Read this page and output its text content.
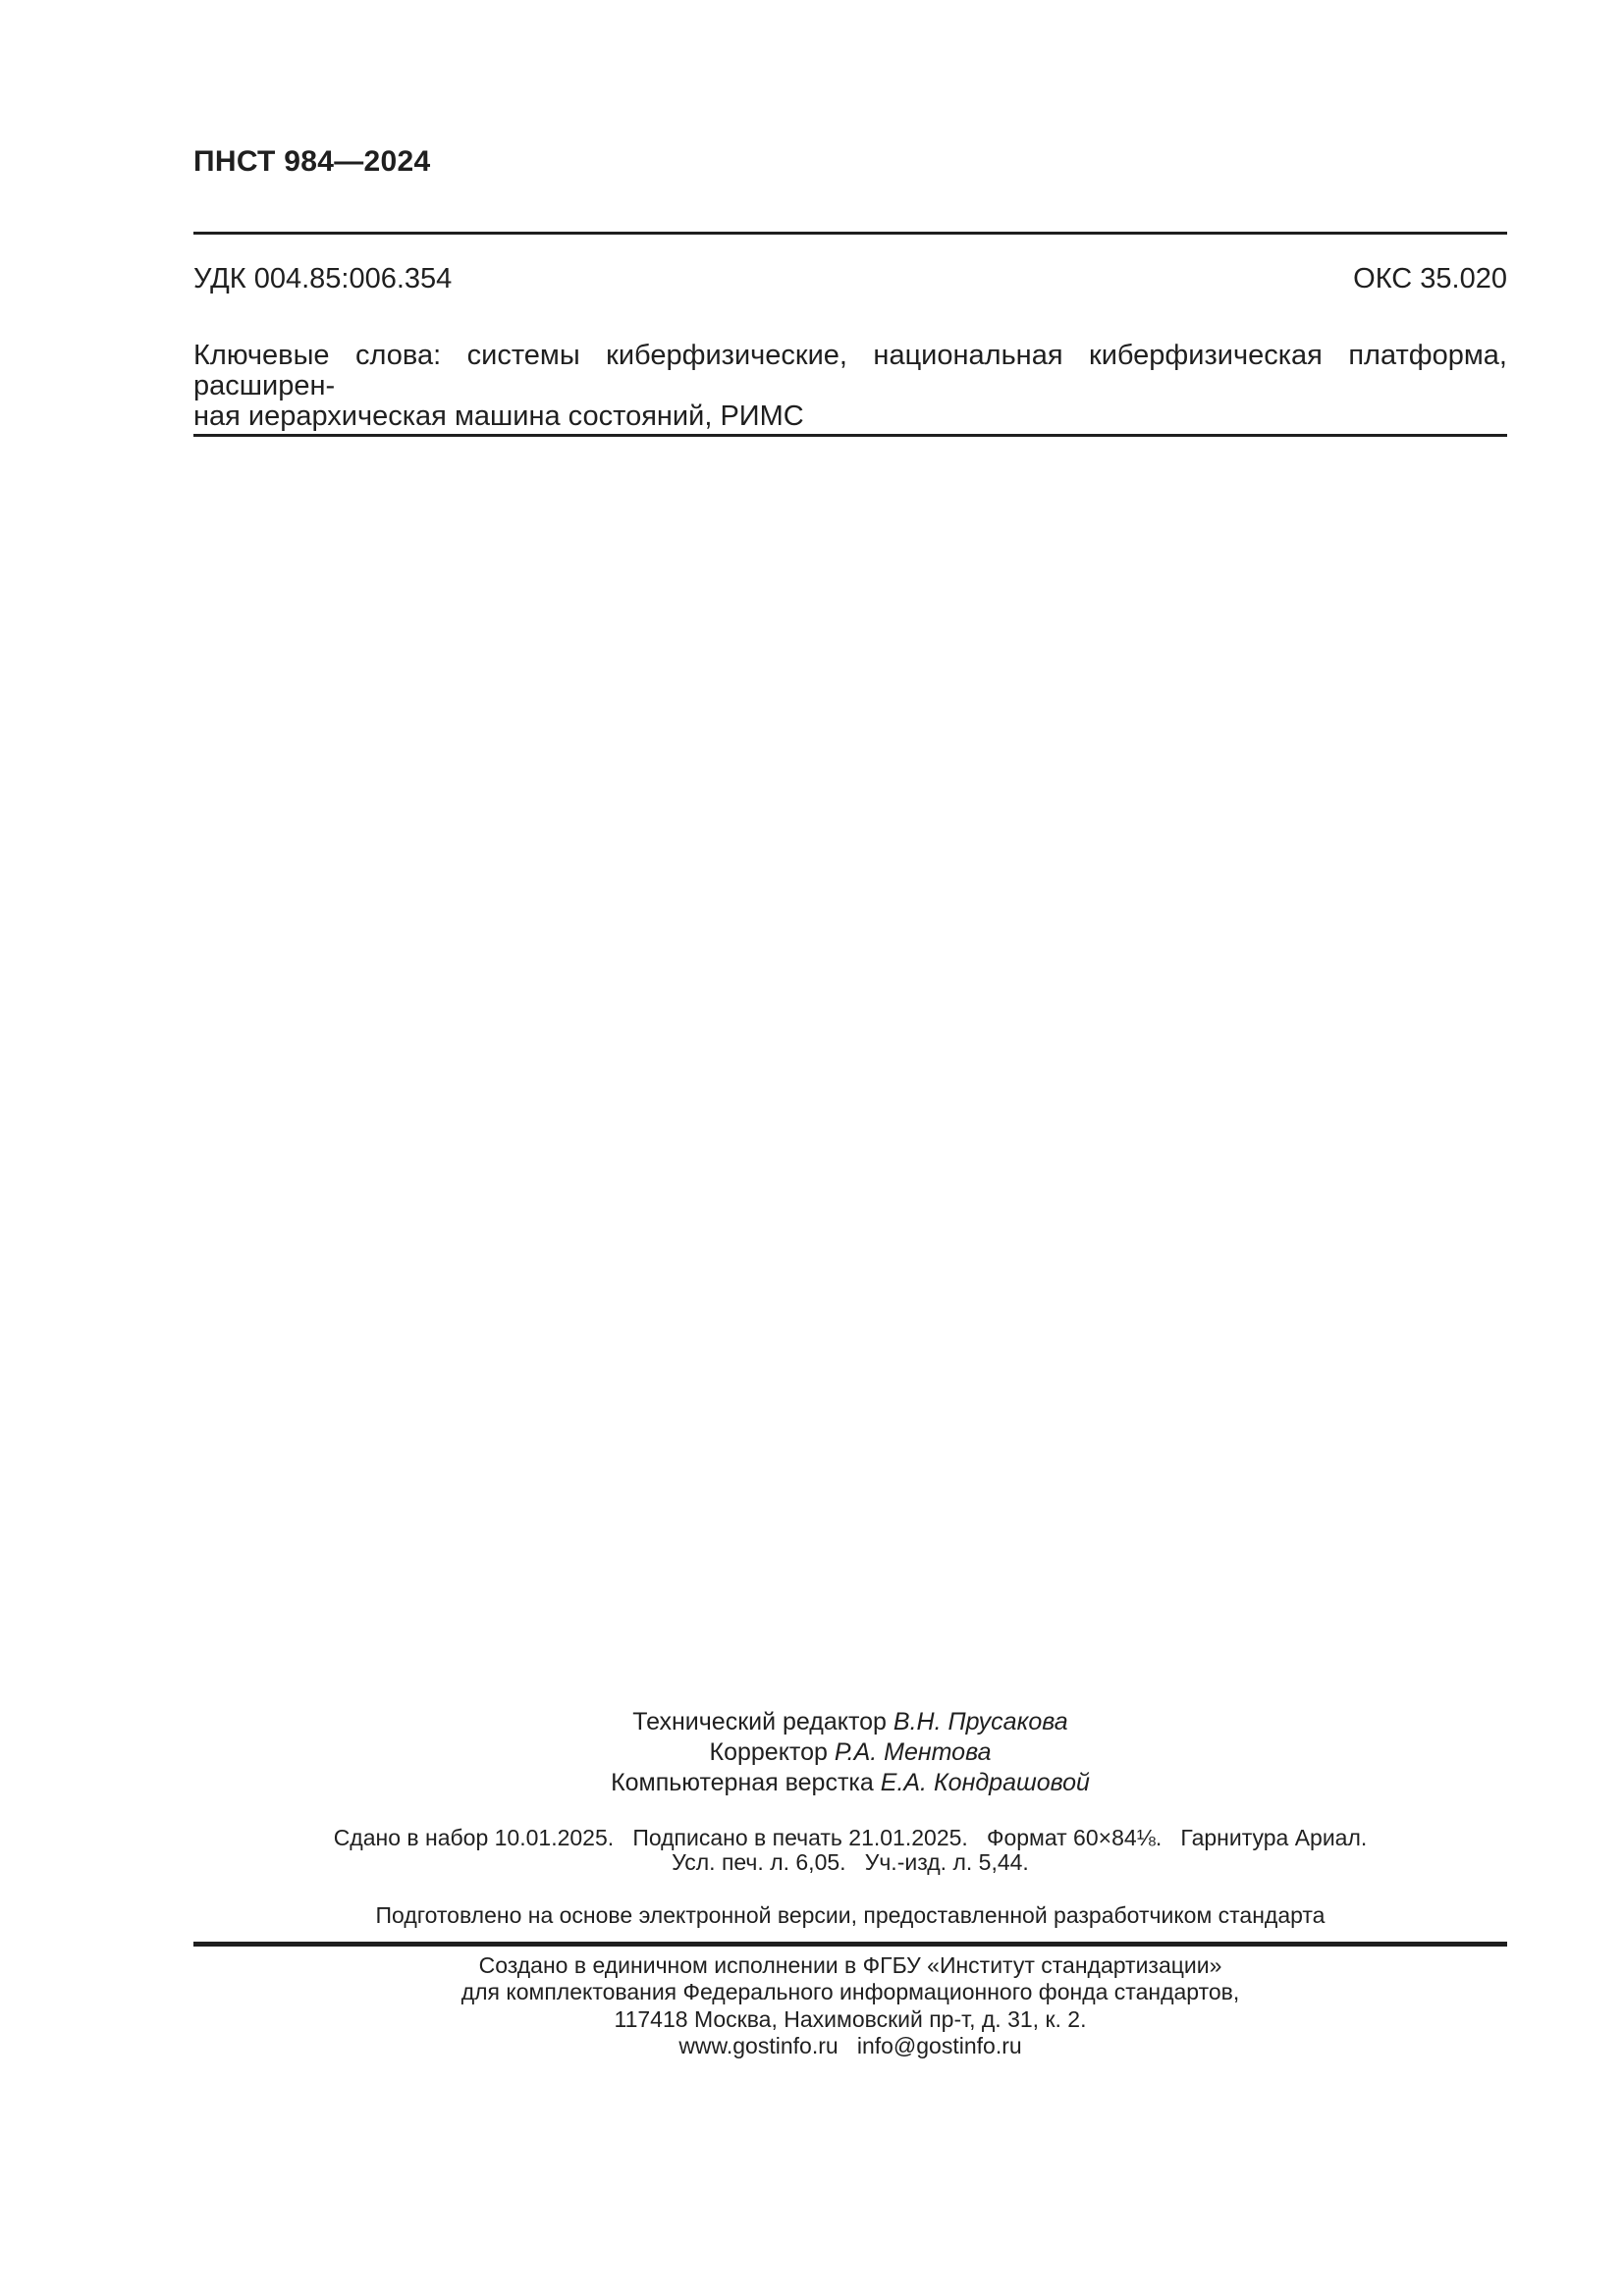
ПНСТ 984—2024
УДК 004.85:006.354	ОКС 35.020
Ключевые слова: системы киберфизические, национальная киберфизическая платформа, расширен-
ная иерархическая машина состояний, РИМС
Технический редактор В.Н. Прусакова
Корректор Р.А. Ментова
Компьютерная верстка Е.А. Кондрашовой
Сдано в набор 10.01.2025.   Подписано в печать 21.01.2025.   Формат 60×84⅛.   Гарнитура Ариал.
Усл. печ. л. 6,05.   Уч.-изд. л. 5,44.
Подготовлено на основе электронной версии, предоставленной разработчиком стандарта
Создано в единичном исполнении в ФГБУ «Институт стандартизации»
для комплектования Федерального информационного фонда стандартов,
117418 Москва, Нахимовский пр-т, д. 31, к. 2.
www.gostinfo.ru   info@gostinfo.ru
